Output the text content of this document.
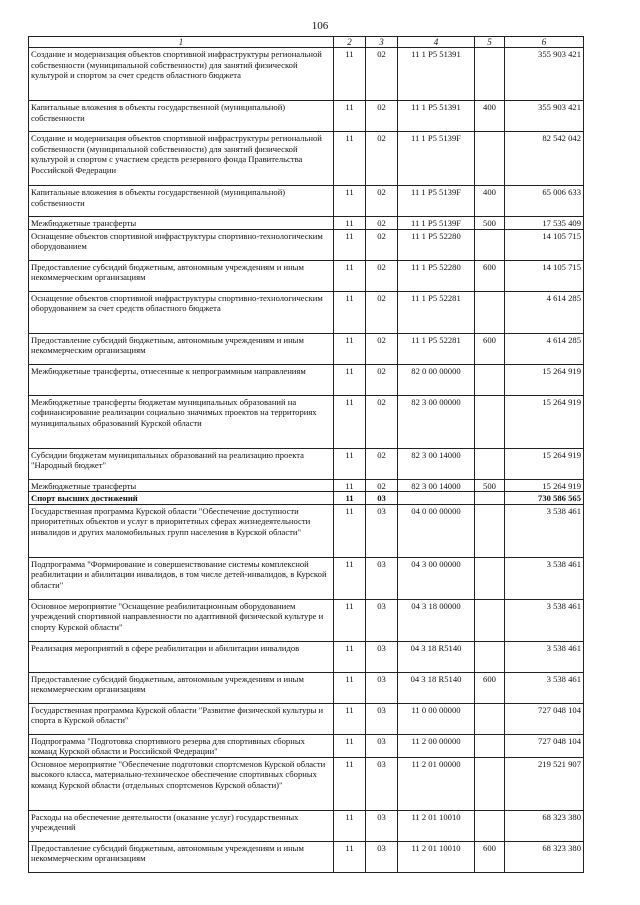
106
1	2	3	4	5	6
Создание и модернизация объектов спортивной инфраструктуры региональной собственности (муниципальной собственности) для занятий физической культурой и спортом за счет средств областного бюджета	11	02	11 1 P5 51391		355 903 421
Капитальные вложения в объекты государственной (муниципальной) собственности	11	02	11 1 P5 51391	400	355 903 421
Создание и модернизация объектов спортивной инфраструктуры региональной собственности (муниципальной собственности) для занятий физической культурой и спортом с участием средств резервного фонда Правительства Российской Федерации	11	02	11 1 P5 5139F		82 542 042
Капитальные вложения в объекты государственной (муниципальной) собственности	11	02	11 1 P5 5139F	400	65 006 633
Межбюджетные трансферты	11	02	11 1 P5 5139F	500	17 535 409
Оснащение объектов спортивной инфраструктуры спортивно-технологическим оборудованием	11	02	11 1 P5 52280		14 105 715
Предоставление субсидий бюджетным, автономным учреждениям и иным некоммерческим организациям	11	02	11 1 P5 52280	600	14 105 715
Оснащение объектов спортивной инфраструктуры спортивно-технологическим оборудованием за счет средств областного бюджета	11	02	11 1 P5 52281		4 614 285
Предоставление субсидий бюджетным, автономным учреждениям и иным некоммерческим организациям	11	02	11 1 P5 52281	600	4 614 285
Межбюджетные трансферты, отнесенные к непрограммным направлениям	11	02	82 0 00 00000		15 264 919
Межбюджетные трансферты бюджетам муниципальных образований на софинансирование реализации социально значимых проектов на территориях муниципальных образований Курской области	11	02	82 3 00 00000		15 264 919
Субсидии бюджетам муниципальных образований на реализацию проекта "Народный бюджет"	11	02	82 3 00 14000		15 264 919
Межбюджетные трансферты	11	02	82 3 00 14000	500	15 264 919
Спорт высших достижений	11	03			730 586 565
Государственная программа Курской области "Обеспечение доступности приоритетных объектов и услуг в приоритетных сферах жизнедеятельности инвалидов и других маломобильных групп населения в Курской области"	11	03	04 0 00 00000		3 538 461
Подпрограмма "Формирование и совершенствование системы комплексной реабилитации и абилитации инвалидов, в том числе детей-инвалидов, в Курской области"	11	03	04 3 00 00000		3 538 461
Основное мероприятие "Оснащение реабилитационным оборудованием учреждений спортивной направленности по адаптивной физической культуре и спорту Курской области"	11	03	04 3 18 00000		3 538 461
Реализация мероприятий в сфере реабилитации и абилитации инвалидов	11	03	04 3 18 R5140		3 538 461
Предоставление субсидий бюджетным, автономным учреждениям и иным некоммерческим организациям	11	03	04 3 18 R5140	600	3 538 461
Государственная программа Курской области "Развитие физической культуры и спорта в Курской области"	11	03	11 0 00 00000		727 048 104
Подпрограмма "Подготовка спортивного резерва для спортивных сборных команд Курской области и Российской Федерации"	11	03	11 2 00 00000		727 048 104
Основное мероприятие "Обеспечение подготовки спортсменов Курской области высокого класса, материально-техническое обеспечение спортивных сборных команд Курской области (отдельных спортсменов Курской области)"	11	03	11 2 01 00000		219 521 907
Расходы на обеспечение деятельности (оказание услуг) государственных учреждений	11	03	11 2 01 10010		68 323 380
Предоставление субсидий бюджетным, автономным учреждениям и иным некоммерческим организациям	11	03	11 2 01 10010	600	68 323 380
